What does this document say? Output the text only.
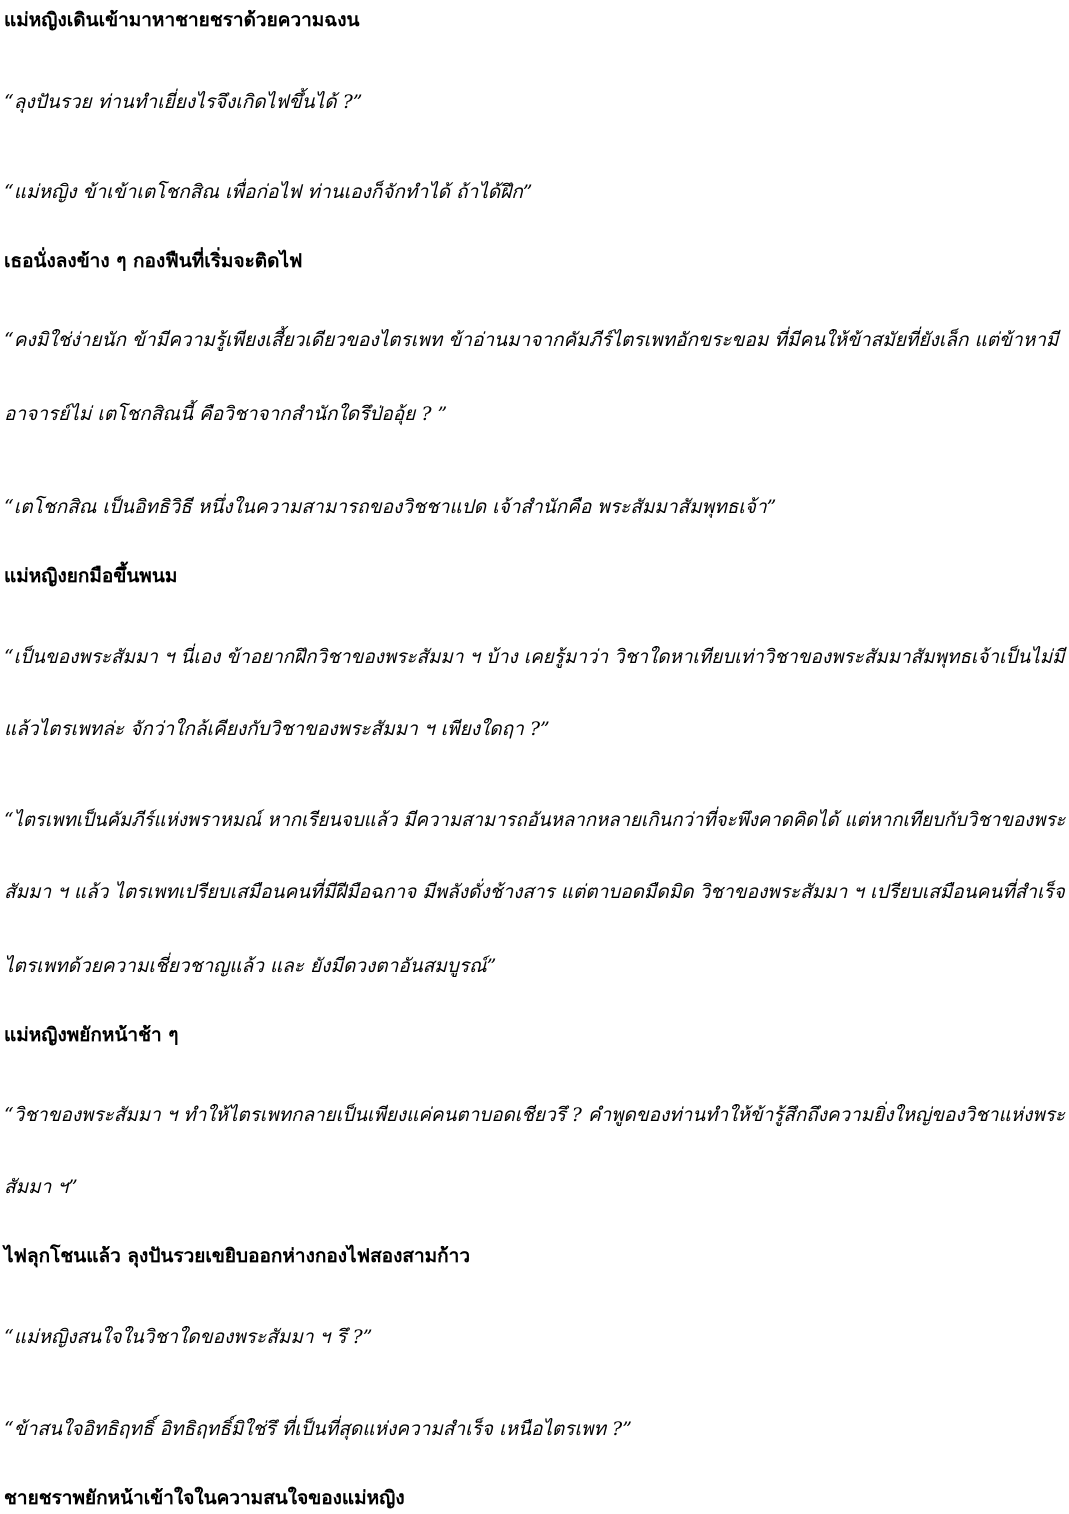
แม่หญิงเดินเข้ามาหาชายชราด้วยความฉงน
“ลุงปันรวย ท่านทำเยี่ยงไรจึงเกิดไฟขึ้นได้ ?”
“แม่หญิง ข้าเข้าเตโชกสิณ เพื่อก่อไฟ ท่านเองก็จักทำได้ ถ้าได้ฝึก”
เธอนั่งลงข้าง ๆ กองฟืนที่เริ่มจะติดไฟ
“คงมิใช่ง่ายนัก ข้ามีความรู้เพียงเสี้ยวเดียวของไตรเพท ข้าอ่านมาจากคัมภีร์ไตรเพทอักขระขอม ที่มีคนให้ข้าสมัยที่ยังเล็ก แต่ข้าหามี
อาจารย์ไม่ เตโชกสิณนี้ คือวิชาจากสำนักใดรึป่ออุ้ย ? ”
“เตโชกสิณ เป็นอิทธิวิธี หนึ่งในความสามารถของวิชชาแปด เจ้าสำนักคือ พระสัมมาสัมพุทธเจ้า”
แม่หญิงยกมือขึ้นพนม
“เป็นของพระสัมมา ฯ นี่เอง ข้าอยากฝึกวิชาของพระสัมมา ฯ บ้าง เคยรู้มาว่า วิชาใดหาเทียบเท่าวิชาของพระสัมมาสัมพุทธเจ้าเป็นไม่มี
แล้วไตรเพทล่ะ จักว่าใกล้เคียงกับวิชาของพระสัมมา ฯ เพียงใดฤา ?”
“ไตรเพทเป็นคัมภีร์แห่งพราหมณ์ หากเรียนจบแล้ว มีความสามารถอันหลากหลายเกินกว่าที่จะพึงคาดคิดได้ แต่หากเทียบกับวิชาของพระ
สัมมา ฯ แล้ว ไตรเพทเปรียบเสมือนคนที่มีฝีมือฉกาจ มีพลังดั่งช้างสาร แต่ตาบอดมืดมิด วิชาของพระสัมมา ฯ เปรียบเสมือนคนที่สำเร็จ
ไตรเพทด้วยความเชี่ยวชาญแล้ว และ ยังมีดวงตาอันสมบูรณ์”
แม่หญิงพยักหน้าช้า ๆ
“วิชาของพระสัมมา ฯ ทำให้ไตรเพทกลายเป็นเพียงแค่คนตาบอดเชียวรึ ? คำพูดของท่านทำให้ข้ารู้สึกถึงความยิ่งใหญ่ของวิชาแห่งพระ
สัมมา ฯ”
ไฟลุกโชนแล้ว ลุงปันรวยเขยิบออกห่างกองไฟสองสามก้าว
“แม่หญิงสนใจในวิชาใดของพระสัมมา ฯ รึ ?”
“ข้าสนใจอิทธิฤทธิ์ อิทธิฤทธิ์มิใช่รึ ที่เป็นที่สุดแห่งความสำเร็จ เหนือไตรเพท ?”
ชายชราพยักหน้าเข้าใจในความสนใจของแม่หญิง
